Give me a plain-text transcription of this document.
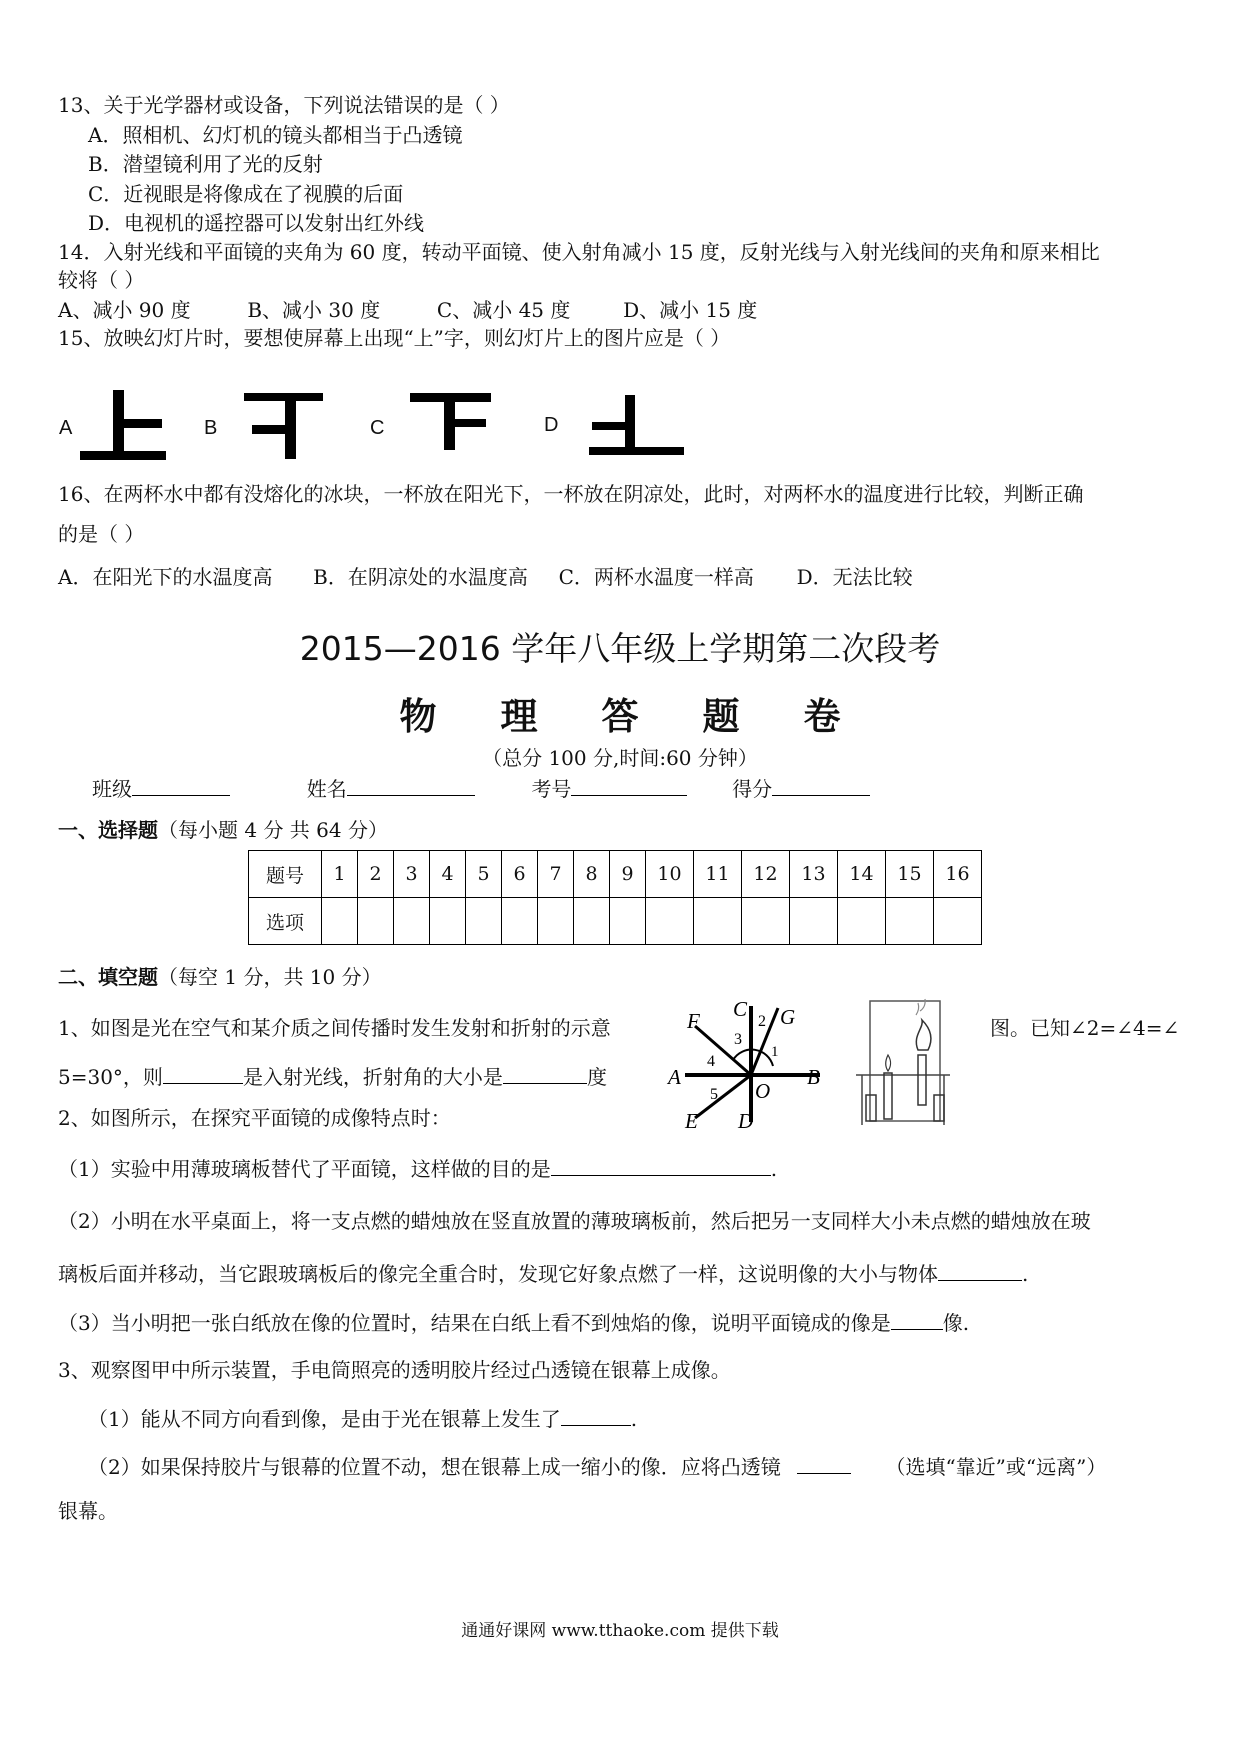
13、关于光学器材或设备，下列说法错误的是（ ）
A．照相机、幻灯机的镜头都相当于凸透镜
B．潜望镜利用了光的反射
C．近视眼是将像成在了视膜的后面
D．电视机的遥控器可以发射出红外线
14．入射光线和平面镜的夹角为 60 度，转动平面镜、使入射角减小 15 度，反射光线与入射光线间的夹角和原来相比
较将（ ）
A、减小 90 度	B、减小 30 度	C、减小 45 度	D、减小 15 度
15、放映幻灯片时，要想使屏幕上出现“上”字，则幻灯片上的图片应是（ ）
A	B	C	D
16、在两杯水中都有没熔化的冰块，一杯放在阳光下，一杯放在阴凉处，此时，对两杯水的温度进行比较，判断正确
的是（ ）
A．在阳光下的水温度高 B．在阴凉处的水温度高 C．两杯水温度一样高 D．无法比较
2015—2016 学年八年级上学期第二次段考
物 理 答 题 卷
（总分 100 分,时间:60 分钟）
班级	姓名	考号	得分
一、选择题（每小题 4 分 共 64 分）
题号	1	2	3	4	5	6	7	8	9	10	11	12	13	14	15	16
选项																
二、填空题（每空 1 分，共 10 分）
1、如图是光在空气和某介质之间传播时发生发射和折射的示意	图。已知∠2=∠4=∠
5=30°，则	是入射光线，折射角的大小是	度
F C
2 G
3
1
4
A	B
5 O
E D
2、如图所示，在探究平面镜的成像特点时：
（1）实验中用薄玻璃板替代了平面镜，这样做的目的是	.
（2）小明在水平桌面上，将一支点燃的蜡烛放在竖直放置的薄玻璃板前，然后把另一支同样大小未点燃的蜡烛放在玻
璃板后面并移动，当它跟玻璃板后的像完全重合时，发现它好象点燃了一样，这说明像的大小与物体	.
（3）当小明把一张白纸放在像的位置时，结果在白纸上看不到烛焰的像，说明平面镜成的像是	像.
3、观察图甲中所示装置，手电筒照亮的透明胶片经过凸透镜在银幕上成像。
（1）能从不同方向看到像，是由于光在银幕上发生了	.
（2）如果保持胶片与银幕的位置不动，想在银幕上成一缩小的像．应将凸透镜	（选填“靠近”或“远离”）
银幕。
通通好课网 www.tthaoke.com 提供下载
